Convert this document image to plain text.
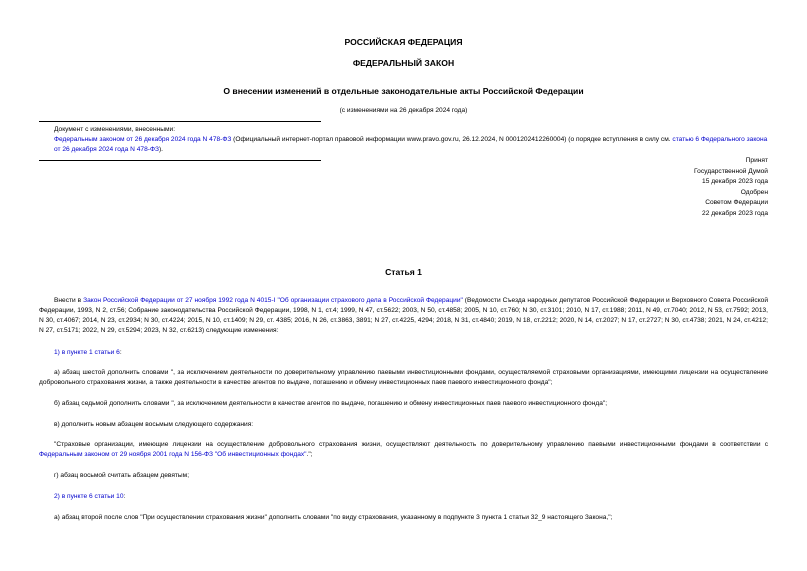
РОССИЙСКАЯ ФЕДЕРАЦИЯ
ФЕДЕРАЛЬНЫЙ ЗАКОН
О внесении изменений в отдельные законодательные акты Российской Федерации
(с изменениями на 26 декабря 2024 года)
Документ с изменениями, внесенными:
Федеральным законом от 26 декабря 2024 года N 478-ФЗ (Официальный интернет-портал правовой информации www.pravo.gov.ru, 26.12.2024, N 0001202412260004) (о порядке вступления в силу см. статью 6 Федерального закона от 26 декабря 2024 года N 478-ФЗ).
Принят
Государственной Думой
15 декабря 2023 года
Одобрен
Советом Федерации
22 декабря 2023 года
Статья 1
Внести в Закон Российской Федерации от 27 ноября 1992 года N 4015-I "Об организации страхового дела в Российской Федерации" (Ведомости Съезда народных депутатов Российской Федерации и Верховного Совета Российской Федерации, 1993, N 2, ст.56; Собрание законодательства Российской Федерации, 1998, N 1, ст.4; 1999, N 47, ст.5622; 2003, N 50, ст.4858; 2005, N 10, ст.760; N 30, ст.3101; 2010, N 17, ст.1988; 2011, N 49, ст.7040; 2012, N 53, ст.7592; 2013, N 30, ст.4067; 2014, N 23, ст.2934; N 30, ст.4224; 2015, N 10, ст.1409; N 29, ст. 4385; 2016, N 26, ст.3863, 3891; N 27, ст.4225, 4294; 2018, N 31, ст.4840; 2019, N 18, ст.2212; 2020, N 14, ст.2027; N 17, ст.2727; N 30, ст.4738; 2021, N 24, ст.4212; N 27, ст.5171; 2022, N 29, ст.5294; 2023, N 32, ст.6213) следующие изменения:
1) в пункте 1 статьи 6:
а) абзац шестой дополнить словами ", за исключением деятельности по доверительному управлению паевыми инвестиционными фондами, осуществляемой страховыми организациями, имеющими лицензии на осуществление добровольного страхования жизни, а также деятельности в качестве агентов по выдаче, погашению и обмену инвестиционных паев паевого инвестиционного фонда";
б) абзац седьмой дополнить словами ", за исключением деятельности в качестве агентов по выдаче, погашению и обмену инвестиционных паев паевого инвестиционного фонда";
в) дополнить новым абзацем восьмым следующего содержания:
"Страховые организации, имеющие лицензии на осуществление добровольного страхования жизни, осуществляют деятельность по доверительному управлению паевыми инвестиционными фондами в соответствии с Федеральным законом от 29 ноября 2001 года N 156-ФЗ "Об инвестиционных фондах".";
г) абзац восьмой считать абзацем девятым;
2) в пункте 6 статьи 10:
а) абзац второй после слов "При осуществлении страхования жизни" дополнить словами "по виду страхования, указанному в подпункте 3 пункта 1 статьи 32_9 настоящего Закона,";
